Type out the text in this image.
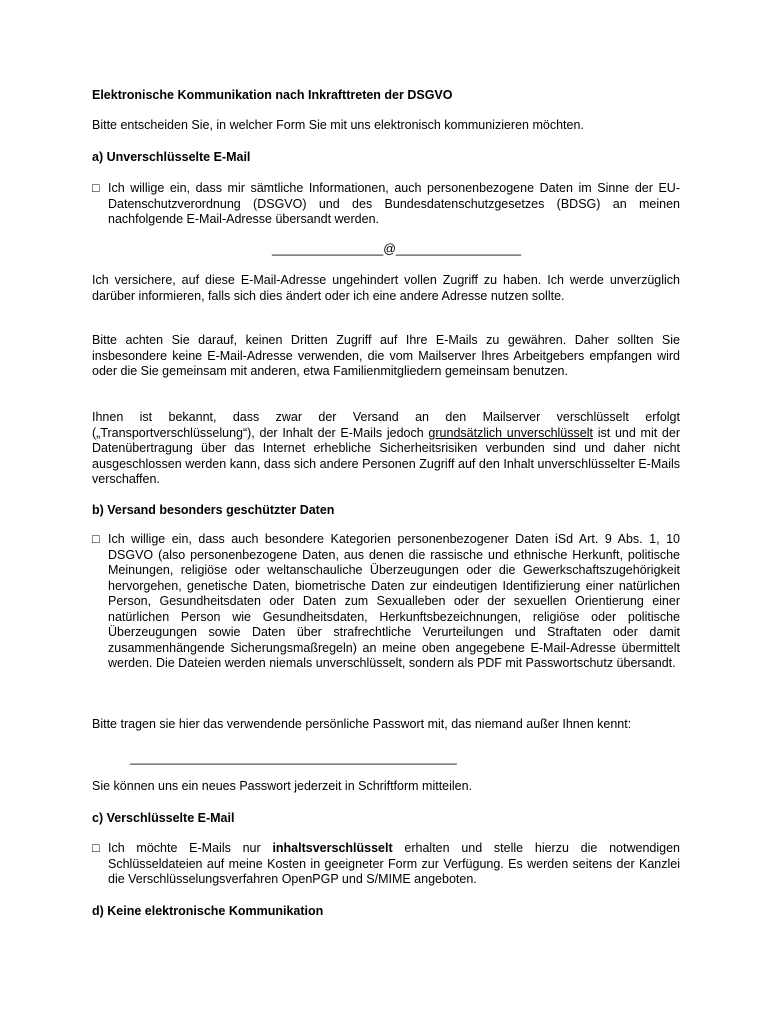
Elektronische Kommunikation nach Inkrafttreten der DSGVO
Bitte entscheiden Sie, in welcher Form Sie mit uns elektronisch kommunizieren möchten.
a) Unverschlüsselte E-Mail
□ Ich willige ein, dass mir sämtliche Informationen, auch personenbezogene Daten im Sinne der EU-Datenschutzverordnung (DSGVO) und des Bundesdatenschutzgesetzes (BDSG) an meinen nachfolgende E-Mail-Adresse übersandt werden.
________________@__________________
Ich versichere, auf diese E-Mail-Adresse ungehindert vollen Zugriff zu haben. Ich werde unverzüglich darüber informieren, falls sich dies ändert oder ich eine andere Adresse nutzen sollte.
Bitte achten Sie darauf, keinen Dritten Zugriff auf Ihre E-Mails zu gewähren. Daher sollten Sie insbesondere keine E-Mail-Adresse verwenden, die vom Mailserver Ihres Arbeitgebers empfangen wird oder die Sie gemeinsam mit anderen, etwa Familienmitgliedern gemeinsam benutzen.
Ihnen ist bekannt, dass zwar der Versand an den Mailserver verschlüsselt erfolgt („Transportverschlüsselung“), der Inhalt der E-Mails jedoch grundsätzlich unverschlüsselt ist und mit der Datenübertragung über das Internet erhebliche Sicherheitsrisiken verbunden sind und daher nicht ausgeschlossen werden kann, dass sich andere Personen Zugriff auf den Inhalt unverschlüsselter E-Mails verschaffen.
b) Versand besonders geschützter Daten
□ Ich willige ein, dass auch besondere Kategorien personenbezogener Daten iSd Art. 9 Abs. 1, 10 DSGVO (also personenbezogene Daten, aus denen die rassische und ethnische Herkunft, politische Meinungen, religiöse oder weltanschauliche Überzeugungen oder die Gewerkschaftszugehörigkeit hervorgehen, genetische Daten, biometrische Daten zur eindeutigen Identifizierung einer natürlichen Person, Gesundheitsdaten oder Daten zum Sexualleben oder der sexuellen Orientierung einer natürlichen Person wie Gesundheitsdaten, Herkunftsbezeichnungen, religiöse oder politische Überzeugungen sowie Daten über strafrechtliche Verurteilungen und Straftaten oder damit zusammenhängende Sicherungsmaßregeln) an meine oben angegebene E-Mail-Adresse übermittelt werden. Die Dateien werden niemals unverschlüsselt, sondern als PDF mit Passwortschutz übersandt.
Bitte tragen sie hier das verwendende persönliche Passwort mit, das niemand außer Ihnen kennt:
_______________________________________________
Sie können uns ein neues Passwort jederzeit in Schriftform mitteilen.
c) Verschlüsselte E-Mail
□ Ich möchte E-Mails nur inhaltsverschlüsselt erhalten und stelle hierzu die notwendigen Schlüsseldateien auf meine Kosten in geeigneter Form zur Verfügung. Es werden seitens der Kanzlei die Verschlüsselungsverfahren OpenPGP und S/MIME angeboten.
d) Keine elektronische Kommunikation
